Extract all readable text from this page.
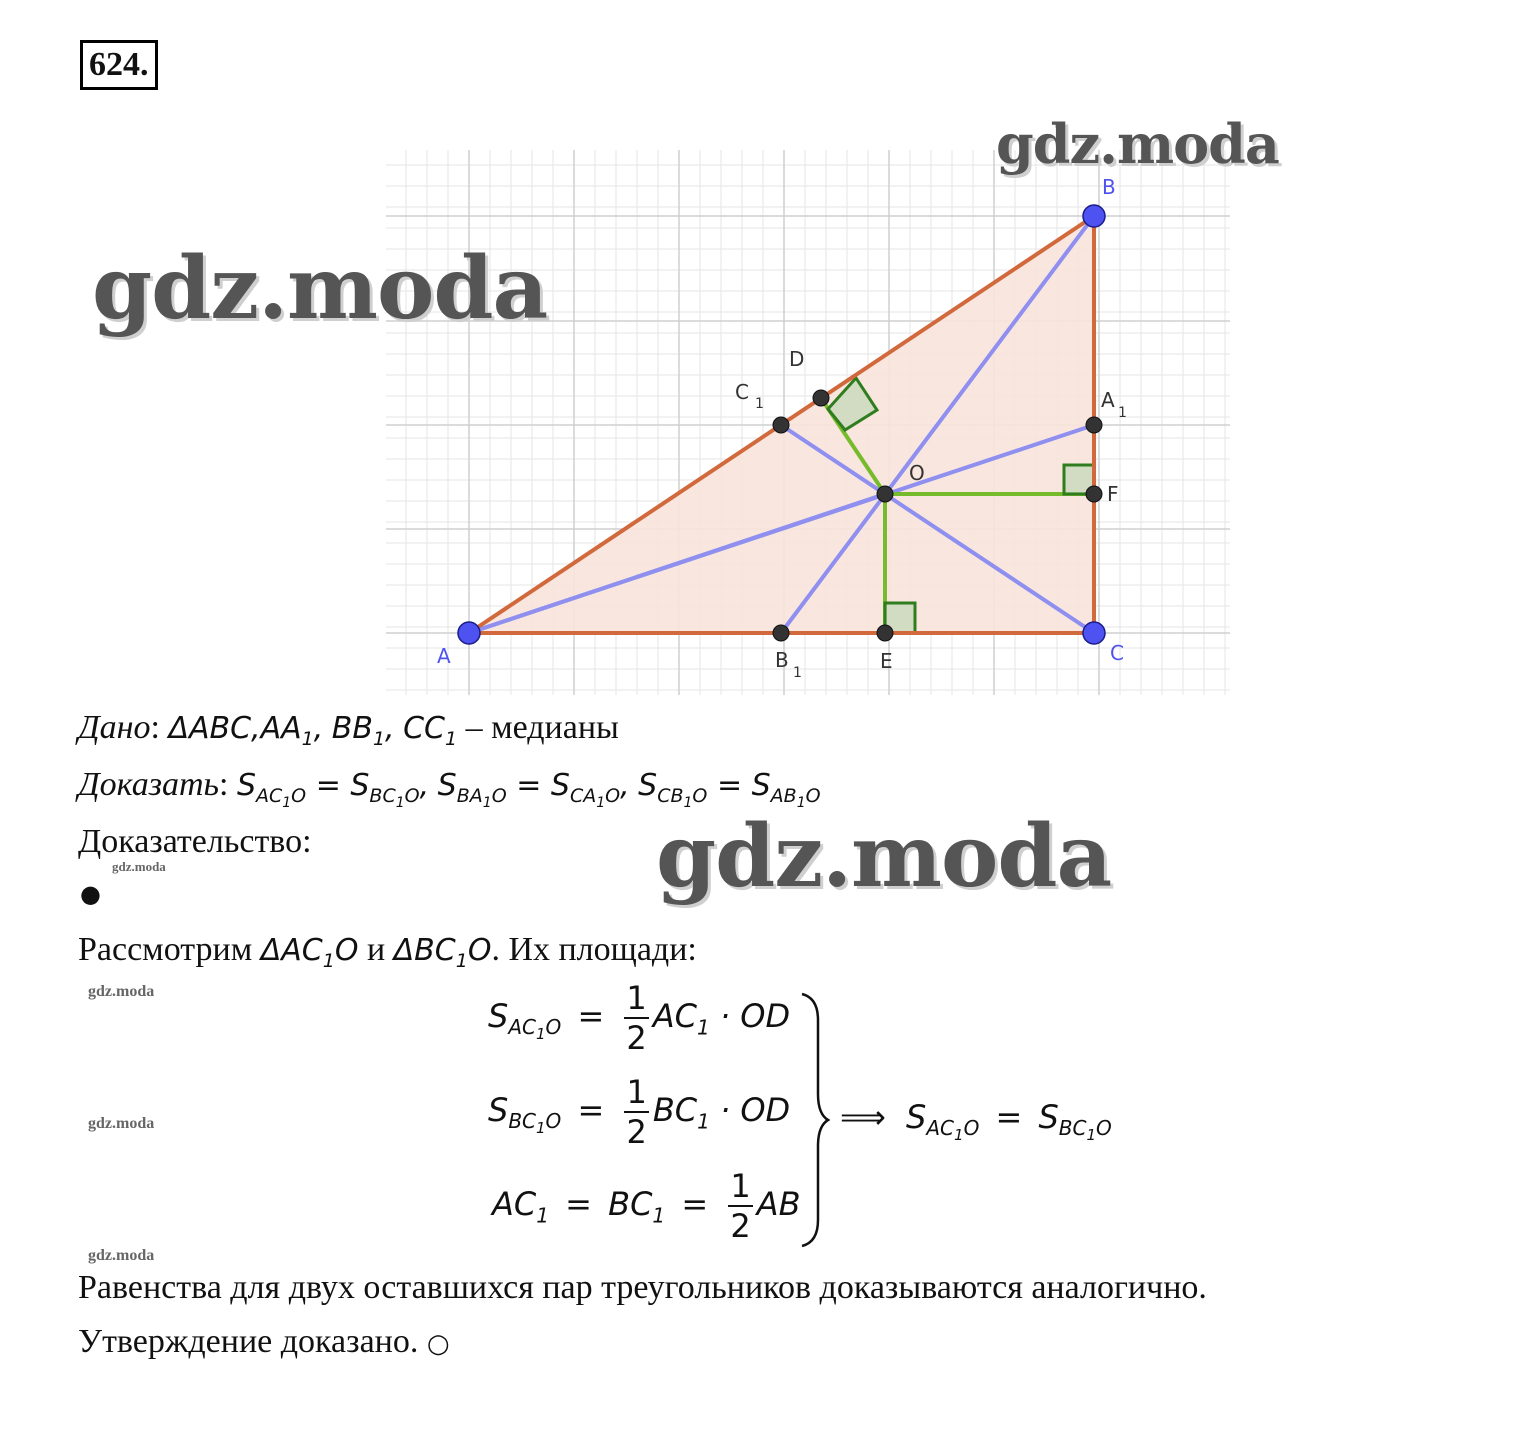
624.
A
B
C
D
C 1	A
1
O
F
B
1	E
gdz.moda
gdz.moda
gdz.moda
gdz.moda
gdz.moda
gdz.moda
gdz.moda
Дано: $\Delta ABC,AA_1$, $BB_1$, $CC_1$ – медианы
Доказать: $S_{AC_1O} = S_{BC_1O}$, $S_{BA_1O} = S_{CA_1O}$, $S_{CB_1O} = S_{AB_1O}$
Доказательство:
●
Рассмотрим $\Delta AC_1O$ и $\Delta BC_1O$. Их площади:
$S_{AC_1O} = \frac{1}{2} AC_1$ · OD
$S_{BC_1O} = \frac{1}{2} BC_1$ · OD
$AC_1 = BC_1 = \frac{1}{2}$ AB
⟹ $S_{AC_1O} = S_{BC_1O}$
Равенства для двух оставшихся пар треугольников доказываются аналогично.
Утверждение доказано. ○
